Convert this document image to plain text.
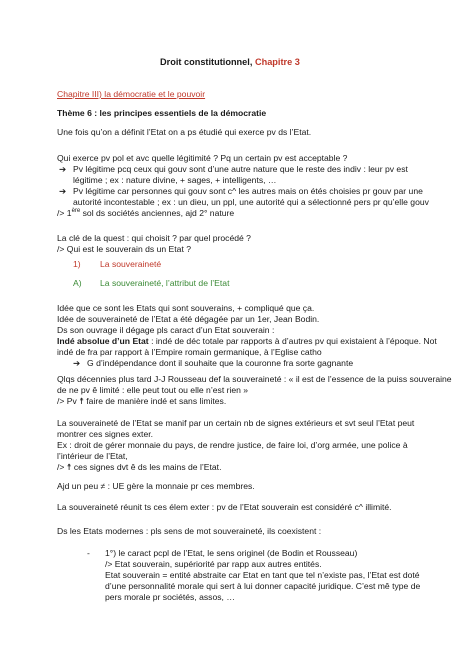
Droit constitutionnel, Chapitre 3
Chapitre III) la démocratie et le pouvoir
Thème 6 : les principes essentiels de la démocratie
Une fois qu’on a définit l’Etat on a ps étudié qui exerce pv ds l’Etat.
Qui exerce pv pol et avc quelle légitimité ? Pq un certain pv est acceptable ?
➔ Pv légitime pcq ceux qui gouv sont d’une autre nature que le reste des indiv : leur pv est
légitime ; ex : nature divine, + sages, + intelligents, …
➔ Pv légitime car personnes qui gouv sont c^ les autres mais on étés choisies pr gouv par une
autorité incontestable ; ex : un dieu, un ppl, une autorité qui a sélectionné pers pr qu’elle gouv
/> 1ère sol ds sociétés anciennes, ajd 2° nature
La clé de la quest : qui choisit ? par quel procédé ?
/> Qui est le souverain ds un Etat ?
1) La souveraineté
A) La souveraineté, l’attribut de l’Etat
Idée que ce sont les Etats qui sont souverains, + compliqué que ça.
Idée de souveraineté de l’Etat a été dégagée par un 1er, Jean Bodin.
Ds son ouvrage il dégage pls caract d’un Etat souverain :
Indé absolue d’un Etat : indé de déc totale par rapports à d’autres pv qui existaient à l’époque. Not
indé de fra par rapport à l’Empire romain germanique, à l’Eglise catho
➔ G d’indépendance dont il souhaite que la couronne fra sorte gagnante
Qlqs décennies plus tard J-J Rousseau def la souveraineté : « il est de l’essence de la puiss souveraine
de ne pv ê limité : elle peut tout ou elle n’est rien »
/> Pv ☨ faire de manière indé et sans limites.
La souveraineté de l’Etat se manif par un certain nb de signes extérieurs et svt seul l’Etat peut
montrer ces signes exter.
Ex : droit de gérer monnaie du pays, de rendre justice, de faire loi, d’org armée, une police à
l’intérieur de l’Etat,
/> ☨ ces signes dvt ê ds les mains de l’Etat.
Ajd un peu ≠ : UE gère la monnaie pr ces membres.
La souveraineté réunit ts ces élem exter : pv de l’Etat souverain est considéré c^ illimité.
Ds les Etats modernes : pls sens de mot souveraineté, ils coexistent :
- 1°) le caract pcpl de l’Etat, le sens originel (de Bodin et Rousseau)
/> Etat souverain, supériorité par rapp aux autres entités.
Etat souverain = entité abstraite car Etat en tant que tel n’existe pas, l’Etat est doté
d’une personnalité morale qui sert à lui donner capacité juridique. C’est mê type de
pers morale pr sociétés, assos, …
